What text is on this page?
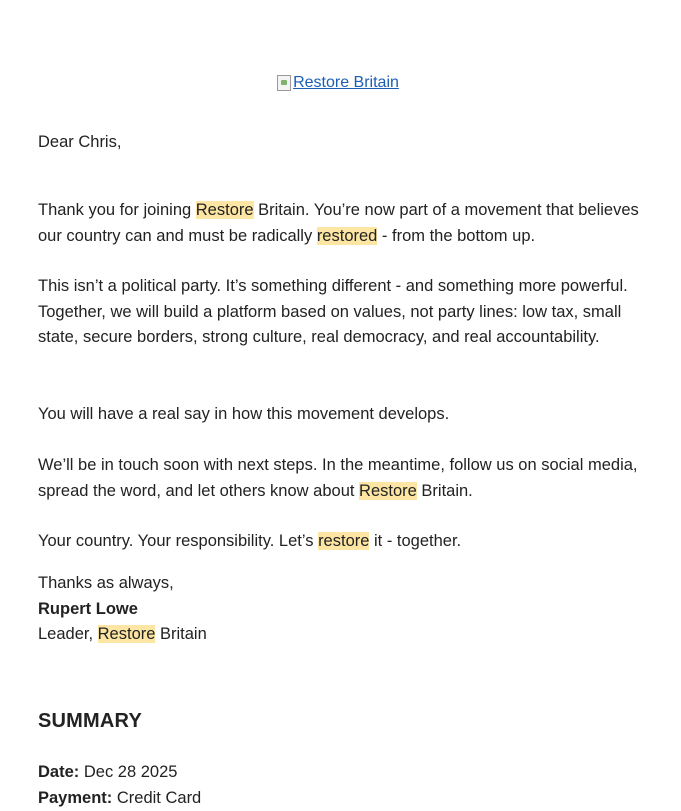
Restore Britain

Dear Chris,

Thank you for joining Restore Britain. You’re now part of a movement that believes our country can and must be radically restored - from the bottom up.

This isn’t a political party. It’s something different - and something more powerful. Together, we will build a platform based on values, not party lines: low tax, small state, secure borders, strong culture, real democracy, and real accountability.

You will have a real say in how this movement develops.

We’ll be in touch soon with next steps. In the meantime, follow us on social media, spread the word, and let others know about Restore Britain.

Your country. Your responsibility. Let’s restore it - together.

Thanks as always,
Rupert Lowe
Leader, Restore Britain
SUMMARY
Date: Dec 28 2025
Payment: Credit Card
